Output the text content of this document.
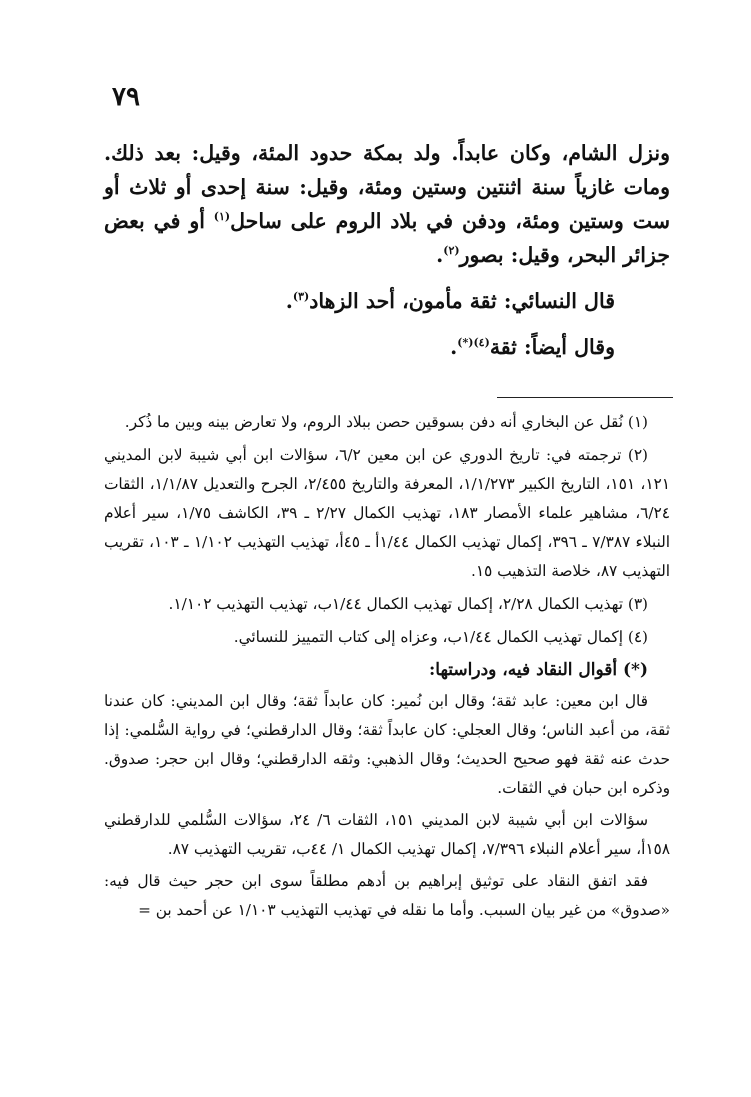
٧٩

ونزل الشام، وكان عابداً. ولد بمكة حدود المئة، وقيل: بعد ذلك. ومات غازياً سنة اثنتين وستين ومئة، وقيل: سنة إحدى أو ثلاث أو ست وستين ومئة، ودفن في بلاد الروم على ساحل$^{(١)}$ أو في بعض جزائر البحر، وقيل: بصور$^{(٢)}$.

قال النسائي: ثقة مأمون، أحد الزهاد$^{(٣)}$.

وقال أيضاً: ثقة$^{(٤)(*)}$.

(١) نُقل عن البخاري أنه دفن بسوقين حصن ببلاد الروم، ولا تعارض بينه وبين ما ذُكر.

(٢) ترجمته في: تاريخ الدوري عن ابن معين ٦/٢، سؤالات ابن أبي شيبة لابن المديني ١٢١، ١٥١، التاريخ الكبير ١/١/٢٧٣، المعرفة والتاريخ ٢/٤٥٥، الجرح والتعديل ١/١/٨٧، الثقات ٦/٢٤، مشاهير علماء الأمصار ١٨٣، تهذيب الكمال ٢/٢٧ ـ ٣٩، الكاشف ١/٧٥، سير أعلام النبلاء ٧/٣٨٧ ـ ٣٩٦، إكمال تهذيب الكمال ١/٤٤أ ـ ٤٥أ، تهذيب التهذيب ١/١٠٢ ـ ١٠٣، تقريب التهذيب ٨٧، خلاصة التذهيب ١٥.

(٣) تهذيب الكمال ٢/٢٨، إكمال تهذيب الكمال ١/٤٤ب، تهذيب التهذيب ١/١٠٢.

(٤) إكمال تهذيب الكمال ١/٤٤ب، وعزاه إلى كتاب التمييز للنسائي.

(*) أقوال النقاد فيه، ودراستها:

قال ابن معين: عابد ثقة؛ وقال ابن نُمير: كان عابداً ثقة؛ وقال ابن المديني: كان عندنا ثقة، من أعبد الناس؛ وقال العجلي: كان عابداً ثقة؛ وقال الدارقطني؛ في رواية السُّلمي: إذا حدث عنه ثقة فهو صحيح الحديث؛ وقال الذهبي: وثقه الدارقطني؛ وقال ابن حجر: صدوق. وذكره ابن حبان في الثقات.

سؤالات ابن أبي شيبة لابن المديني ١٥١، الثقات ٦/ ٢٤، سؤالات السُّلمي للدارقطني ١٥٨أ، سير أعلام النبلاء ٧/٣٩٦، إكمال تهذيب الكمال ١/ ٤٤ب، تقريب التهذيب ٨٧.

فقد اتفق النقاد على توثيق إبراهيم بن أدهم مطلقاً سوى ابن حجر حيث قال فيه: «صدوق» من غير بيان السبب. وأما ما نقله في تهذيب التهذيب ١/١٠٣ عن أحمد بن =
